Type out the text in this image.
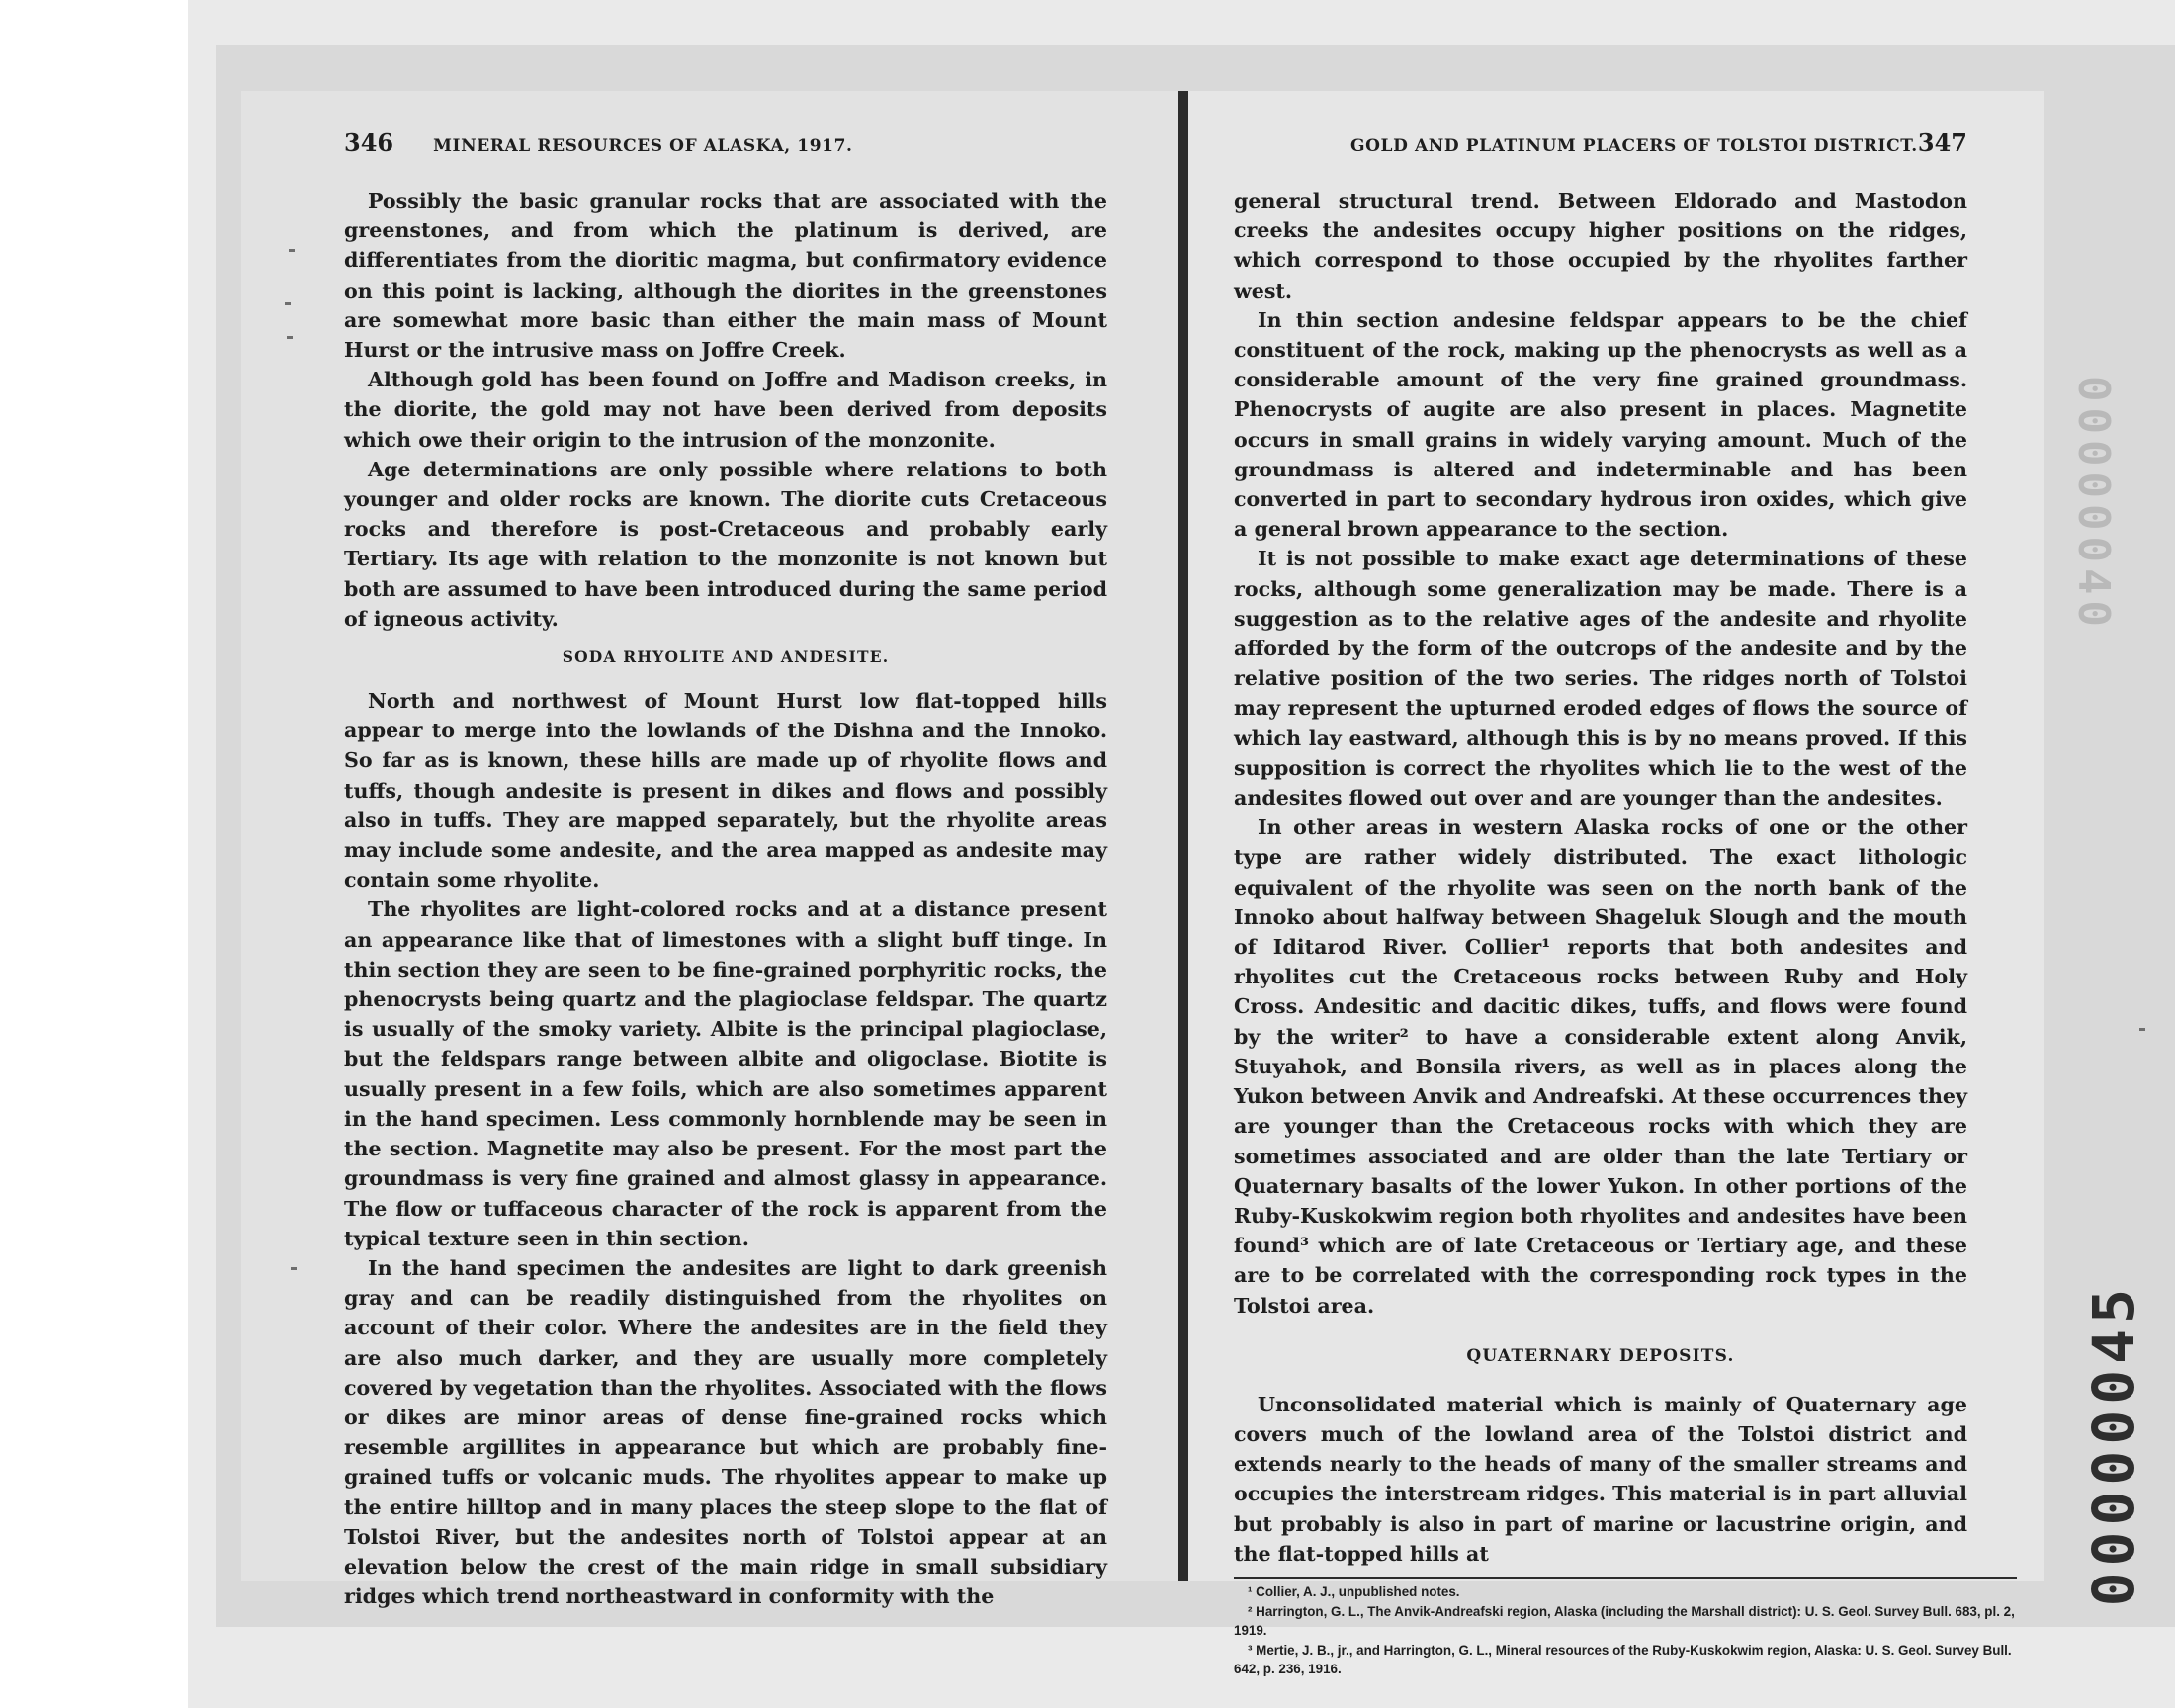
346 MINERAL RESOURCES OF ALASKA, 1917.

Possibly the basic granular rocks that are associated with the greenstones, and from which the platinum is derived, are differentiates from the dioritic magma, but confirmatory evidence on this point is lacking, although the diorites in the greenstones are somewhat more basic than either the main mass of Mount Hurst or the intrusive mass on Joffre Creek.

Although gold has been found on Joffre and Madison creeks, in the diorite, the gold may not have been derived from deposits which owe their origin to the intrusion of the monzonite.

Age determinations are only possible where relations to both younger and older rocks are known. The diorite cuts Cretaceous rocks and therefore is post-Cretaceous and probably early Tertiary. Its age with relation to the monzonite is not known but both are assumed to have been introduced during the same period of igneous activity.

SODA RHYOLITE AND ANDESITE.

North and northwest of Mount Hurst low flat-topped hills appear to merge into the lowlands of the Dishna and the Innoko. So far as is known, these hills are made up of rhyolite flows and tuffs, though andesite is present in dikes and flows and possibly also in tuffs. They are mapped separately, but the rhyolite areas may include some andesite, and the area mapped as andesite may contain some rhyolite.

The rhyolites are light-colored rocks and at a distance present an appearance like that of limestones with a slight buff tinge. In thin section they are seen to be fine-grained porphyritic rocks, the phenocrysts being quartz and the plagioclase feldspar. The quartz is usually of the smoky variety. Albite is the principal plagioclase, but the feldspars range between albite and oligoclase. Biotite is usually present in a few foils, which are also sometimes apparent in the hand specimen. Less commonly hornblende may be seen in the section. Magnetite may also be present. For the most part the groundmass is very fine grained and almost glassy in appearance. The flow or tuffaceous character of the rock is apparent from the typical texture seen in thin section.

In the hand specimen the andesites are light to dark greenish gray and can be readily distinguished from the rhyolites on account of their color. Where the andesites are in the field they are also much darker, and they are usually more completely covered by vegetation than the rhyolites. Associated with the flows or dikes are minor areas of dense fine-grained rocks which resemble argillites in appearance but which are probably fine-grained tuffs or volcanic muds. The rhyolites appear to make up the entire hilltop and in many places the steep slope to the flat of Tolstoi River, but the andesites north of Tolstoi appear at an elevation below the crest of the main ridge in small subsidiary ridges which trend northeastward in conformity with the

GOLD AND PLATINUM PLACERS OF TOLSTOI DISTRICT. 347

general structural trend. Between Eldorado and Mastodon creeks the andesites occupy higher positions on the ridges, which correspond to those occupied by the rhyolites farther west.

In thin section andesine feldspar appears to be the chief constituent of the rock, making up the phenocrysts as well as a considerable amount of the very fine grained groundmass. Phenocrysts of augite are also present in places. Magnetite occurs in small grains in widely varying amount. Much of the groundmass is altered and indeterminable and has been converted in part to secondary hydrous iron oxides, which give a general brown appearance to the section.

It is not possible to make exact age determinations of these rocks, although some generalization may be made. There is a suggestion as to the relative ages of the andesite and rhyolite afforded by the form of the outcrops of the andesite and by the relative position of the two series. The ridges north of Tolstoi may represent the upturned eroded edges of flows the source of which lay eastward, although this is by no means proved. If this supposition is correct the rhyolites which lie to the west of the andesites flowed out over and are younger than the andesites.

In other areas in western Alaska rocks of one or the other type are rather widely distributed. The exact lithologic equivalent of the rhyolite was seen on the north bank of the Innoko about halfway between Shageluk Slough and the mouth of Iditarod River. Collier¹ reports that both andesites and rhyolites cut the Cretaceous rocks between Ruby and Holy Cross. Andesitic and dacitic dikes, tuffs, and flows were found by the writer² to have a considerable extent along Anvik, Stuyahok, and Bonsila rivers, as well as in places along the Yukon between Anvik and Andreafski. At these occurrences they are younger than the Cretaceous rocks with which they are sometimes associated and are older than the late Tertiary or Quaternary basalts of the lower Yukon. In other portions of the Ruby-Kuskokwim region both rhyolites and andesites have been found³ which are of late Cretaceous or Tertiary age, and these are to be correlated with the corresponding rock types in the Tolstoi area.

QUATERNARY DEPOSITS.

Unconsolidated material which is mainly of Quaternary age covers much of the lowland area of the Tolstoi district and extends nearly to the heads of many of the smaller streams and occupies the interstream ridges. This material is in part alluvial but probably is also in part of marine or lacustrine origin, and the flat-topped hills at

¹ Collier, A. J., unpublished notes.

² Harrington, G. L., The Anvik-Andreafski region, Alaska (including the Marshall district): U. S. Geol. Survey Bull. 683, pl. 2, 1919.

³ Mertie, J. B., jr., and Harrington, G. L., Mineral resources of the Ruby-Kuskokwim region, Alaska: U. S. Geol. Survey Bull. 642, p. 236, 1916.

00000040
00000045
